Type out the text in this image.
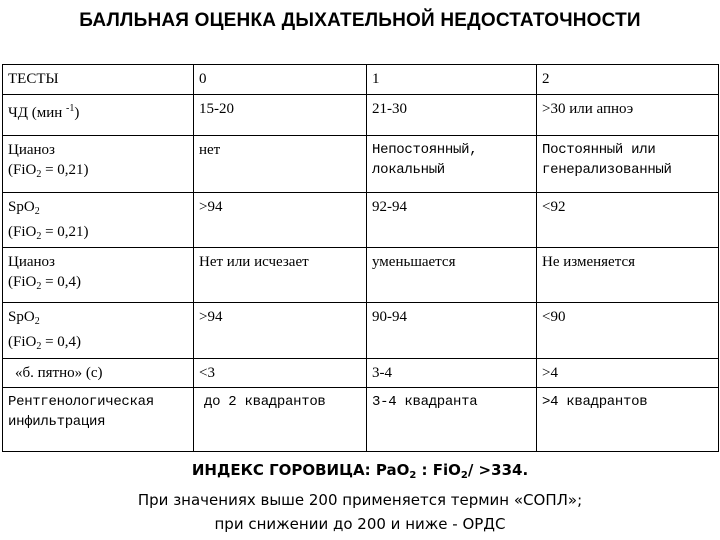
БАЛЛЬНАЯ ОЦЕНКА ДЫХАТЕЛЬНОЙ НЕДОСТАТОЧНОСТИ
ТЕСТЫ	0	1	2
ЧД (мин $^{-1}$)	15-20	21-30	>30 или апноэ

Цианоз
(FiO$_2$ = 0,21)	нет	Непостоянный, локальный	Постоянный или генерализованный

SpO$_2$
(FiO$_2$ = 0,21)	>94	92-94	<92

Цианоз
(FiO$_2$ = 0,4)	Нет или исчезает	уменьшается	Не изменяется

SpO$_2$
(FiO$_2$ = 0,4)	>94	90-94	<90
«б. пятно» (с)	<3	3-4	>4
Рентгенологическая инфильтрация	до 2 квадрантов	3-4 квадранта	>4 квадрантов
ИНДЕКС ГОРОВИЦА: PaO$_2$ : FiO$_2$/ >334.
При значениях выше 200 применяется термин «СОПЛ»;
при снижении до 200 и ниже - ОРДС
